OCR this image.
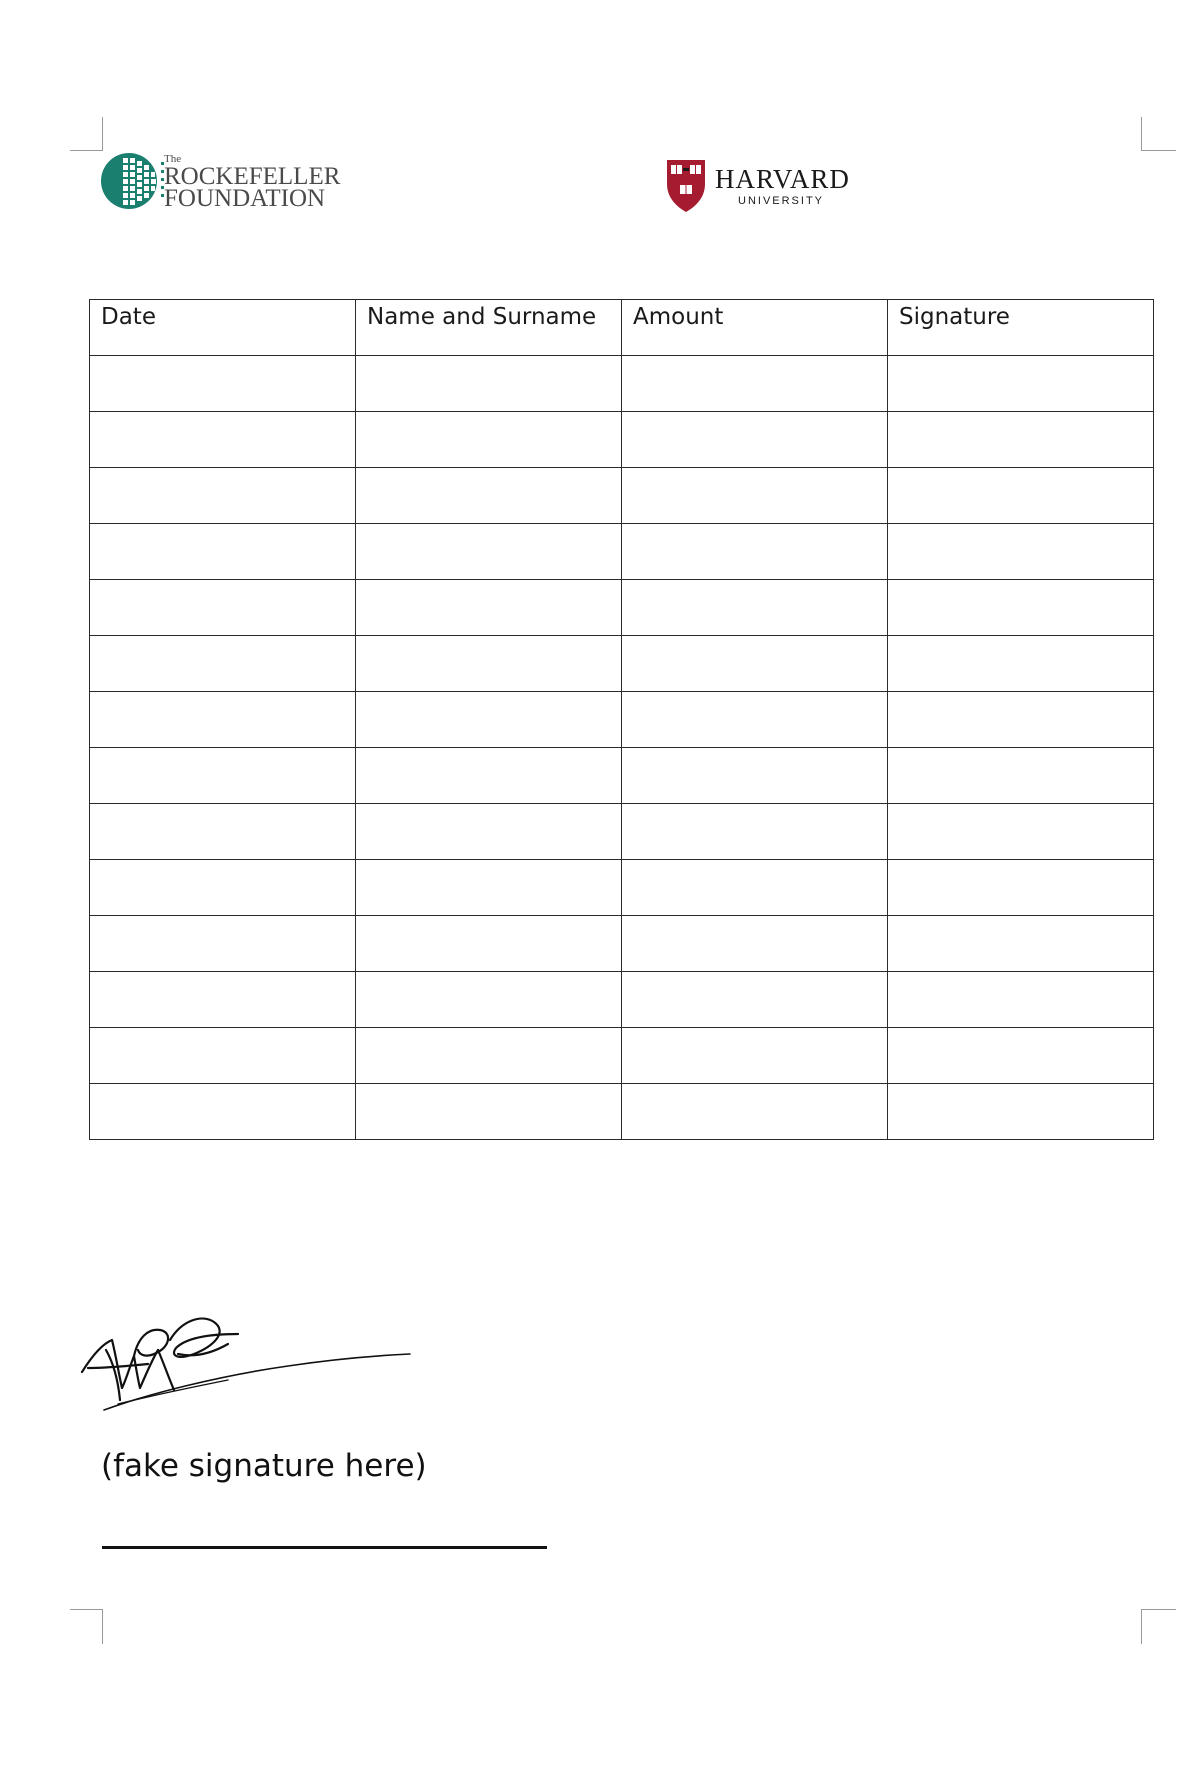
The
ROCKEFELLER
FOUNDATION
HARVARD
UNIVERSITY
Date	Name and Surname	Amount	Signature

(fake signature here)
